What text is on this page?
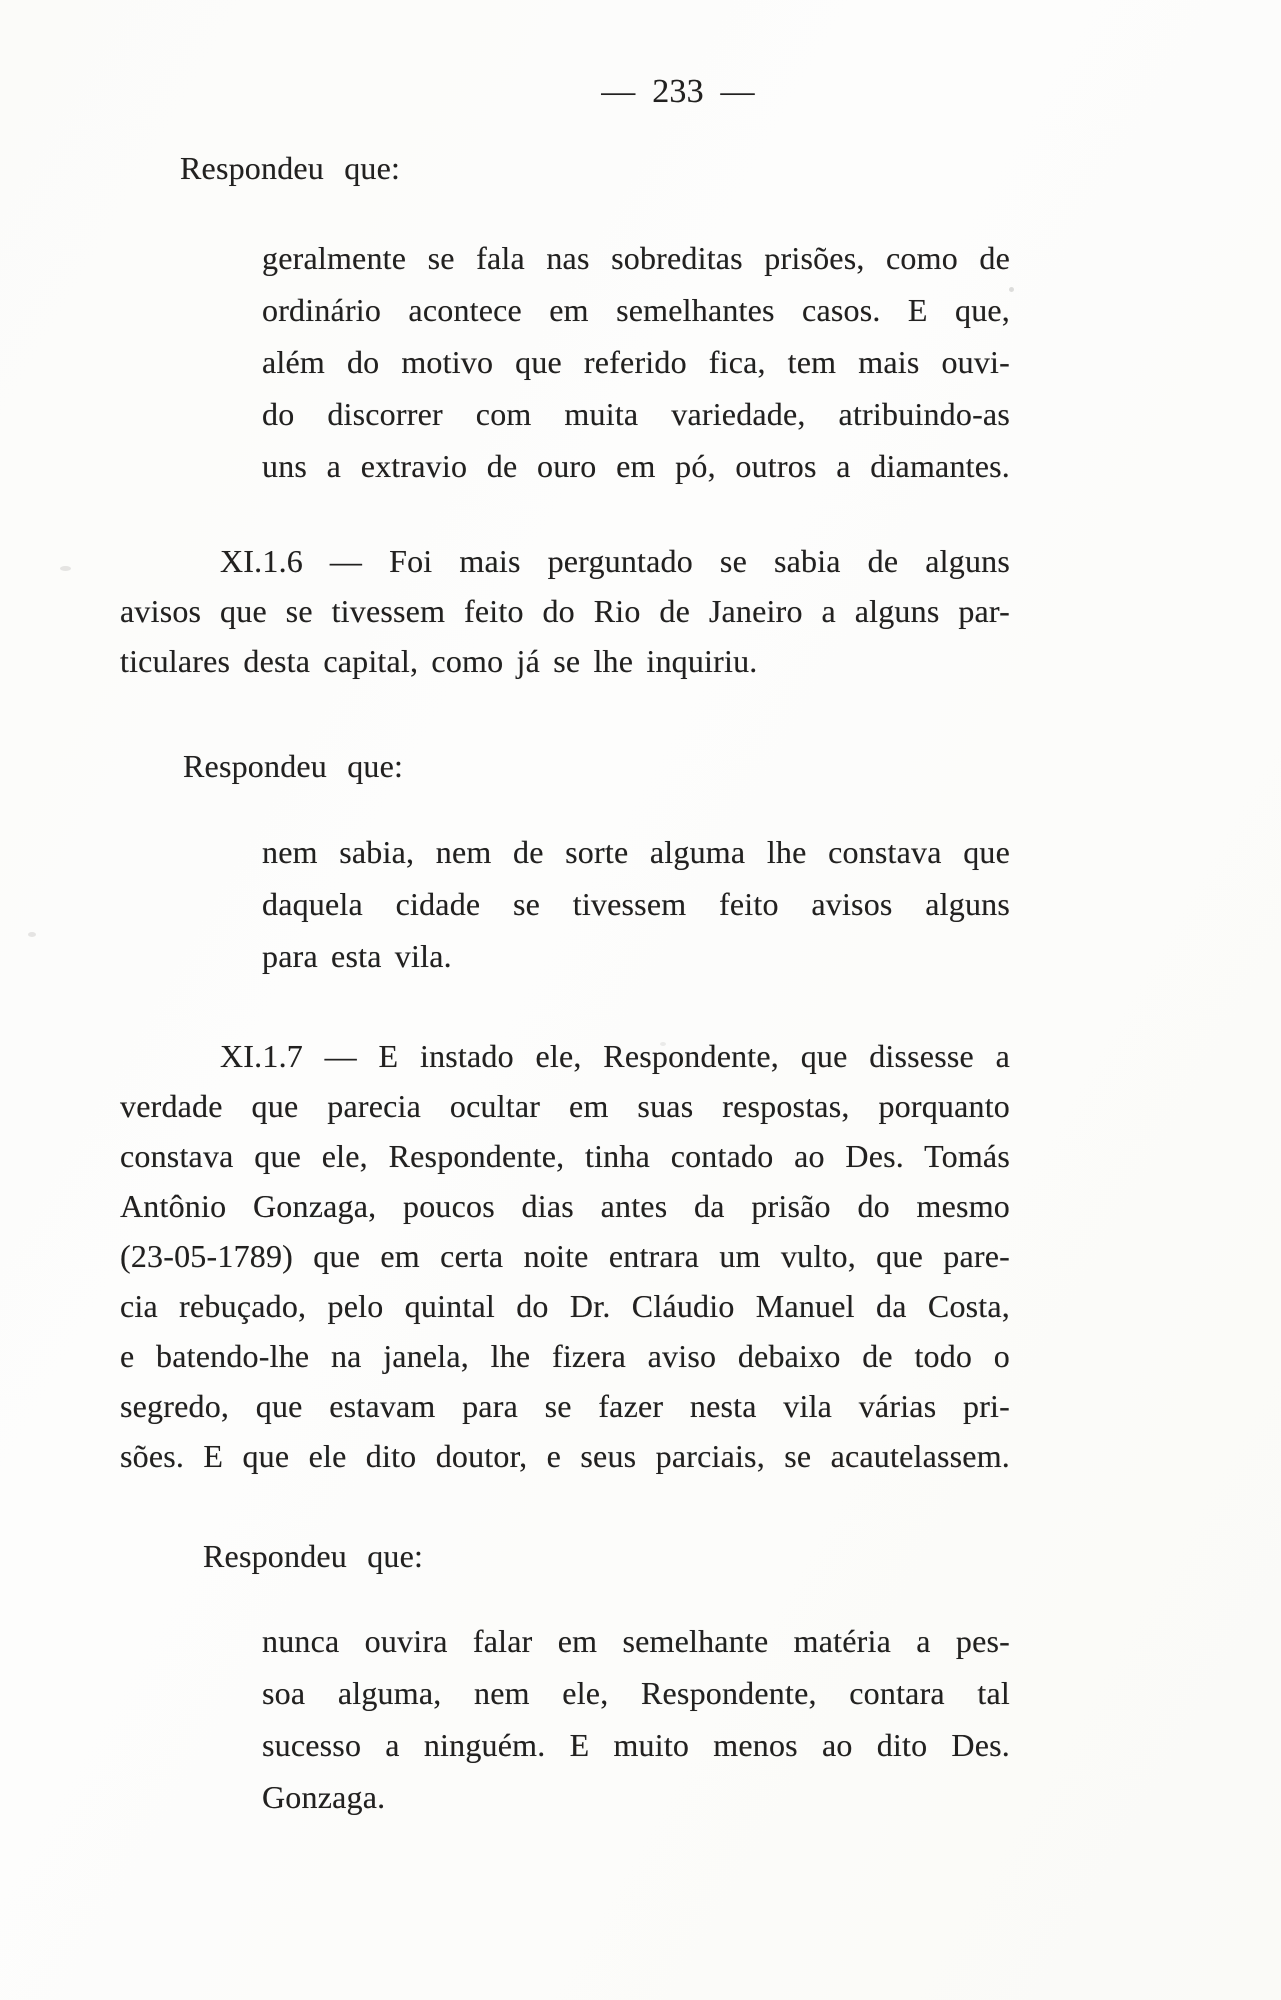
— 233 —
Respondeu que:
geralmente se fala nas sobreditas prisões, como de
ordinário acontece em semelhantes casos. E que,
além do motivo que referido fica, tem mais ouvi-
do discorrer com muita variedade, atribuindo-as
uns a extravio de ouro em pó, outros a diamantes.
XI.1.6 — Foi mais perguntado se sabia de alguns
avisos que se tivessem feito do Rio de Janeiro a alguns par-
ticulares desta capital, como já se lhe inquiriu.
Respondeu que:
nem sabia, nem de sorte alguma lhe constava que
daquela cidade se tivessem feito avisos alguns
para esta vila.
XI.1.7 — E instado ele, Respondente, que dissesse a
verdade que parecia ocultar em suas respostas, porquanto
constava que ele, Respondente, tinha contado ao Des. Tomás
Antônio Gonzaga, poucos dias antes da prisão do mesmo
(23-05-1789) que em certa noite entrara um vulto, que pare-
cia rebuçado, pelo quintal do Dr. Cláudio Manuel da Costa,
e batendo-lhe na janela, lhe fizera aviso debaixo de todo o
segredo, que estavam para se fazer nesta vila várias pri-
sões. E que ele dito doutor, e seus parciais, se acautelassem.
Respondeu que:
nunca ouvira falar em semelhante matéria a pes-
soa alguma, nem ele, Respondente, contara tal
sucesso a ninguém. E muito menos ao dito Des.
Gonzaga.
